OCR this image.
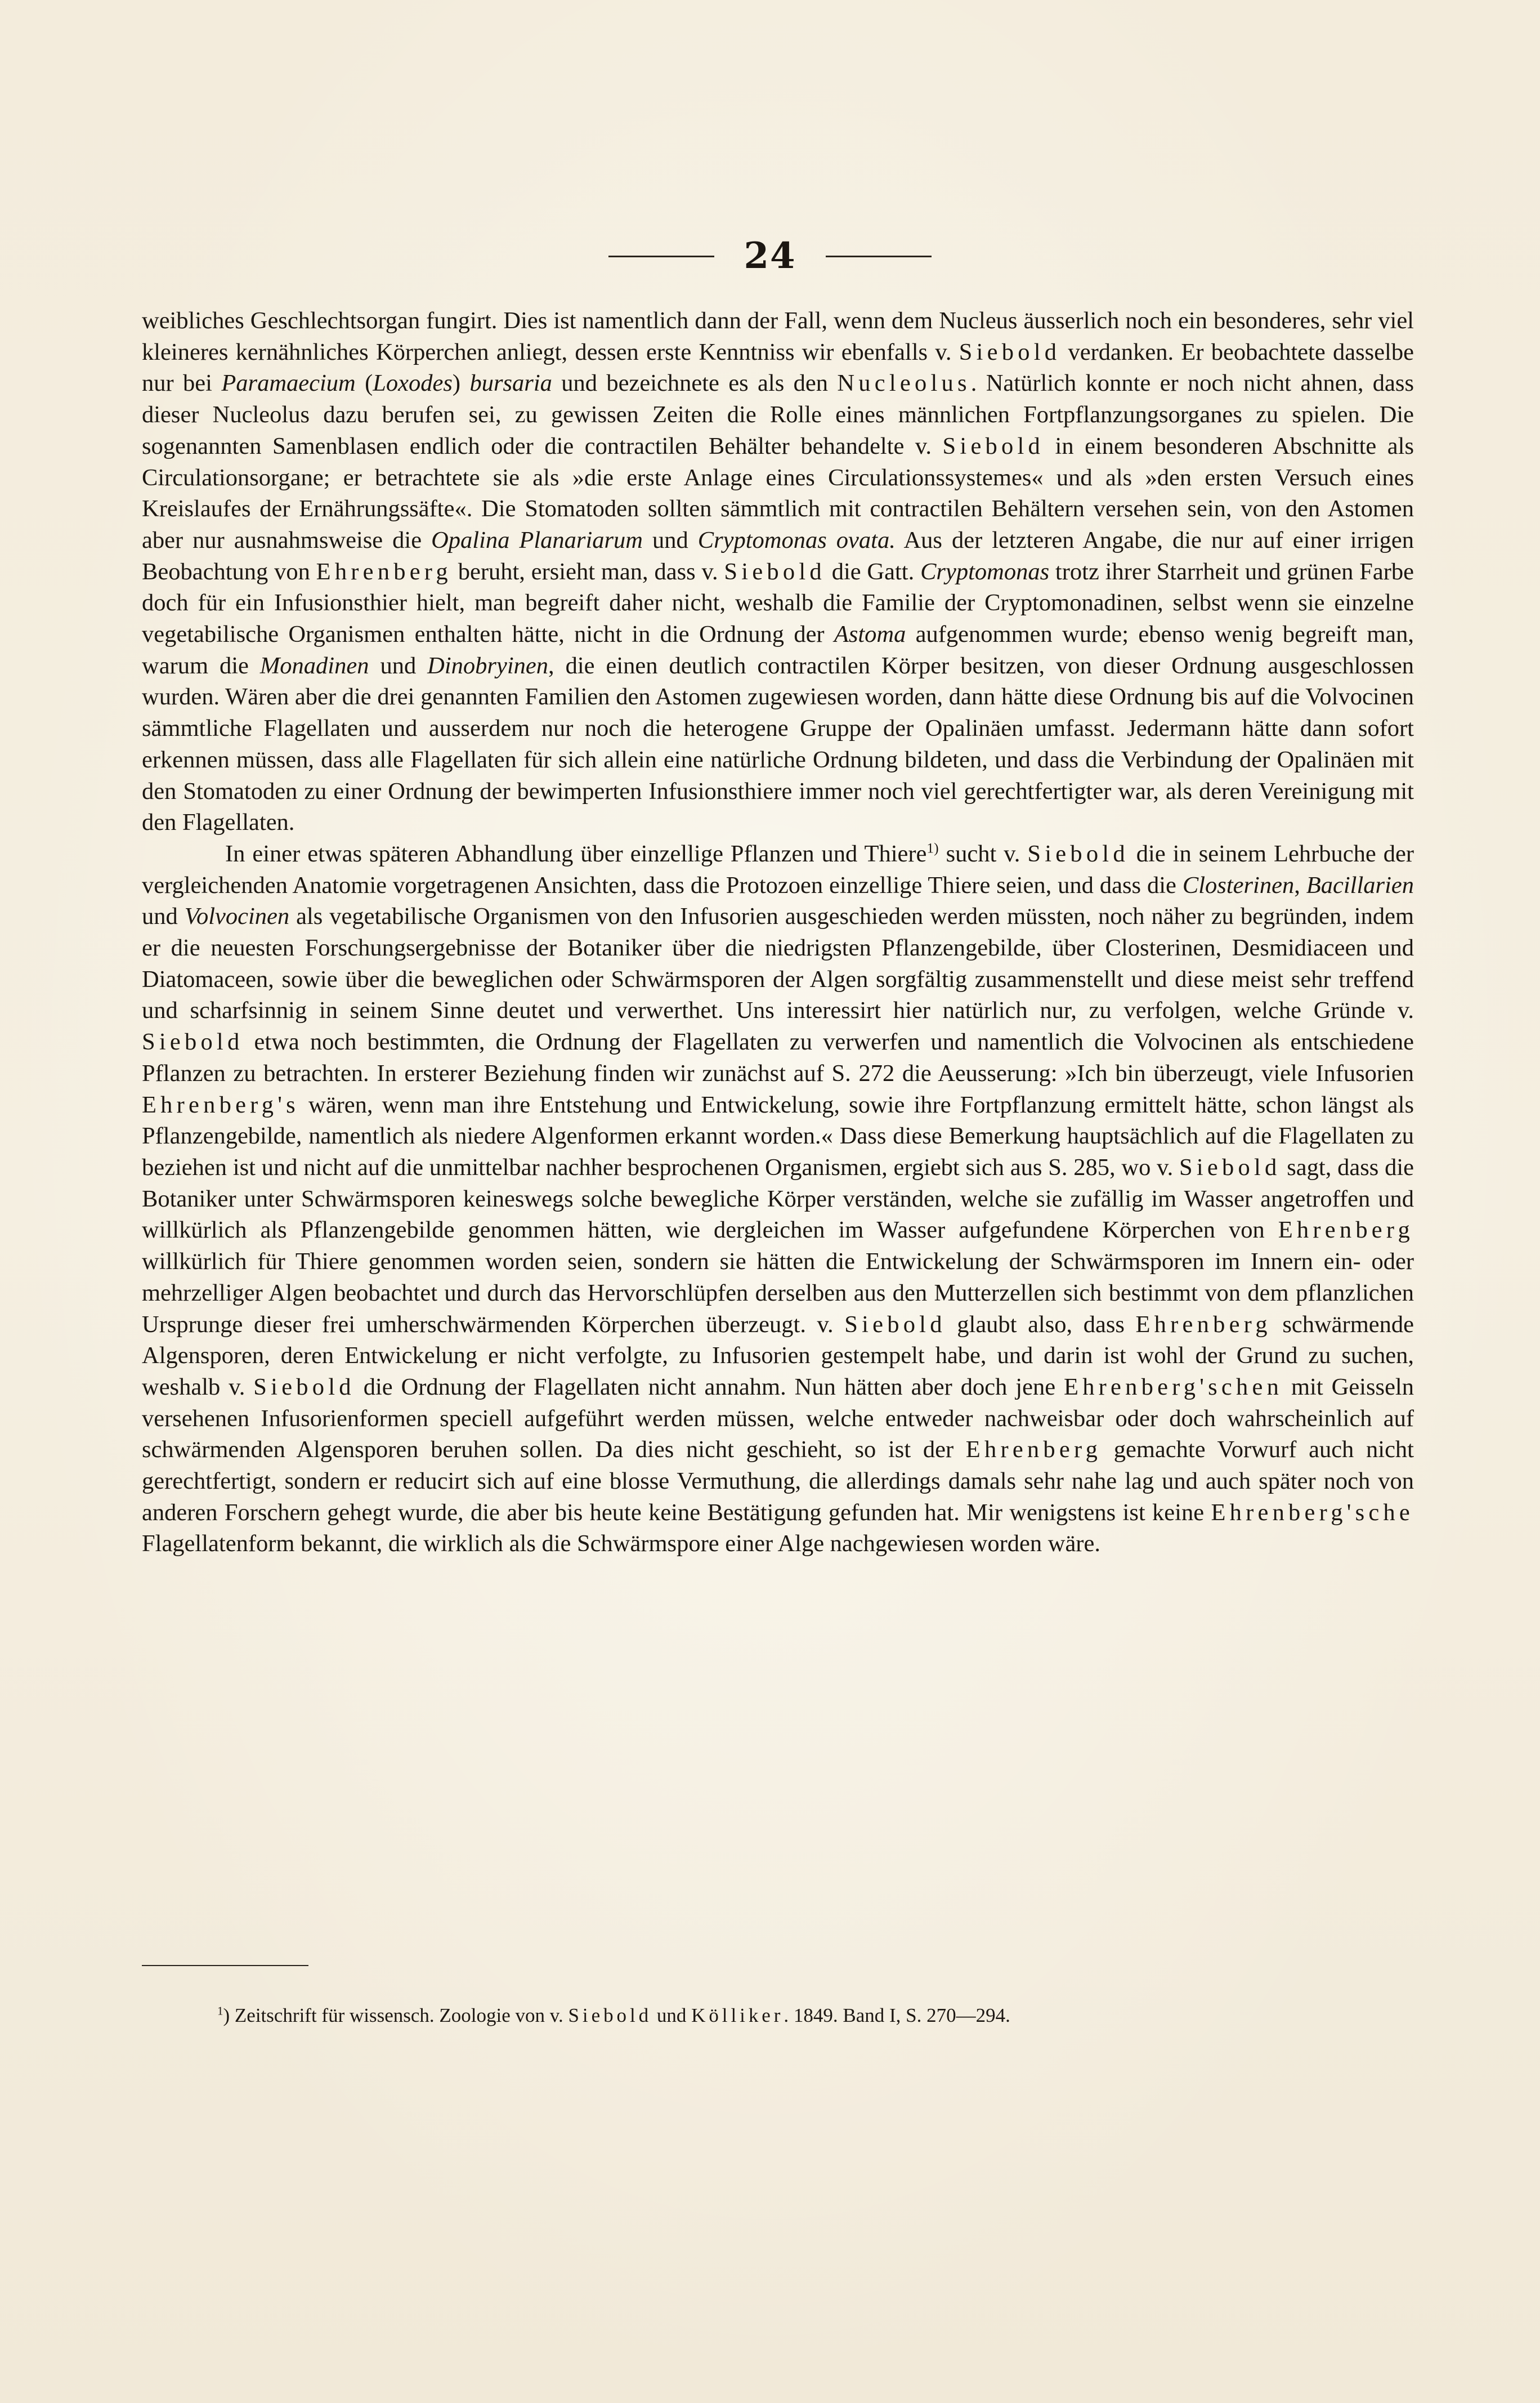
24

weibliches Geschlechtsorgan fungirt. Dies ist namentlich dann der Fall, wenn dem Nucleus äusserlich noch ein besonderes, sehr viel kleineres kernähnliches Körperchen anliegt, dessen erste Kenntniss wir ebenfalls v. Siebold verdanken. Er beobachtete dasselbe nur bei Paramaecium (Loxodes) bursaria und bezeichnete es als den Nucleolus. Natürlich konnte er noch nicht ahnen, dass dieser Nucleolus dazu berufen sei, zu gewissen Zeiten die Rolle eines männlichen Fortpflanzungsorganes zu spielen. Die sogenannten Samenblasen endlich oder die contractilen Behälter behandelte v. Siebold in einem besonderen Abschnitte als Circulationsorgane; er betrachtete sie als »die erste Anlage eines Circulationssystemes« und als »den ersten Versuch eines Kreislaufes der Ernährungssäfte«. Die Stomatoden sollten sämmtlich mit contractilen Behältern versehen sein, von den Astomen aber nur ausnahmsweise die Opalina Planariarum und Cryptomonas ovata. Aus der letzteren Angabe, die nur auf einer irrigen Beobachtung von Ehrenberg beruht, ersieht man, dass v. Siebold die Gatt. Cryptomonas trotz ihrer Starrheit und grünen Farbe doch für ein Infusionsthier hielt, man begreift daher nicht, weshalb die Familie der Cryptomonadinen, selbst wenn sie einzelne vegetabilische Organismen enthalten hätte, nicht in die Ordnung der Astoma aufgenommen wurde; ebenso wenig begreift man, warum die Monadinen und Dinobryinen, die einen deutlich contractilen Körper besitzen, von dieser Ordnung ausgeschlossen wurden. Wären aber die drei genannten Familien den Astomen zugewiesen worden, dann hätte diese Ordnung bis auf die Volvocinen sämmtliche Flagellaten und ausserdem nur noch die heterogene Gruppe der Opalinäen umfasst. Jedermann hätte dann sofort erkennen müssen, dass alle Flagellaten für sich allein eine natürliche Ordnung bildeten, und dass die Verbindung der Opalinäen mit den Stomatoden zu einer Ordnung der bewimperten Infusionsthiere immer noch viel gerechtfertigter war, als deren Vereinigung mit den Flagellaten.

In einer etwas späteren Abhandlung über einzellige Pflanzen und Thiere$^{1)}$ sucht v. Siebold die in seinem Lehrbuche der vergleichenden Anatomie vorgetragenen Ansichten, dass die Protozoen einzellige Thiere seien, und dass die Closterinen, Bacillarien und Volvocinen als vegetabilische Organismen von den Infusorien ausgeschieden werden müssten, noch näher zu begründen, indem er die neuesten Forschungsergebnisse der Botaniker über die niedrigsten Pflanzengebilde, über Closterinen, Desmidiaceen und Diatomaceen, sowie über die beweglichen oder Schwärmsporen der Algen sorgfältig zusammenstellt und diese meist sehr treffend und scharfsinnig in seinem Sinne deutet und verwerthet. Uns interessirt hier natürlich nur, zu verfolgen, welche Gründe v. Siebold etwa noch bestimmten, die Ordnung der Flagellaten zu verwerfen und namentlich die Volvocinen als entschiedene Pflanzen zu betrachten. In ersterer Beziehung finden wir zunächst auf S. 272 die Aeusserung: »Ich bin überzeugt, viele Infusorien Ehrenberg's wären, wenn man ihre Entstehung und Entwickelung, sowie ihre Fortpflanzung ermittelt hätte, schon längst als Pflanzengebilde, namentlich als niedere Algenformen erkannt worden.« Dass diese Bemerkung hauptsächlich auf die Flagellaten zu beziehen ist und nicht auf die unmittelbar nachher besprochenen Organismen, ergiebt sich aus S. 285, wo v. Siebold sagt, dass die Botaniker unter Schwärmsporen keineswegs solche bewegliche Körper verständen, welche sie zufällig im Wasser angetroffen und willkürlich als Pflanzengebilde genommen hätten, wie dergleichen im Wasser aufgefundene Körperchen von Ehrenberg willkürlich für Thiere genommen worden seien, sondern sie hätten die Entwickelung der Schwärmsporen im Innern ein- oder mehrzelliger Algen beobachtet und durch das Hervorschlüpfen derselben aus den Mutterzellen sich bestimmt von dem pflanzlichen Ursprunge dieser frei umherschwärmenden Körperchen überzeugt. v. Siebold glaubt also, dass Ehrenberg schwärmende Algensporen, deren Entwickelung er nicht verfolgte, zu Infusorien gestempelt habe, und darin ist wohl der Grund zu suchen, weshalb v. Siebold die Ordnung der Flagellaten nicht annahm. Nun hätten aber doch jene Ehrenberg'schen mit Geisseln versehenen Infusorienformen speciell aufgeführt werden müssen, welche entweder nachweisbar oder doch wahrscheinlich auf schwärmenden Algensporen beruhen sollen. Da dies nicht geschieht, so ist der Ehrenberg gemachte Vorwurf auch nicht gerechtfertigt, sondern er reducirt sich auf eine blosse Vermuthung, die allerdings damals sehr nahe lag und auch später noch von anderen Forschern gehegt wurde, die aber bis heute keine Bestätigung gefunden hat. Mir wenigstens ist keine Ehrenberg'sche Flagellatenform bekannt, die wirklich als die Schwärmspore einer Alge nachgewiesen worden wäre.

$^1$) Zeitschrift für wissensch. Zoologie von v. Siebold und Kölliker. 1849. Band I, S. 270—294.
